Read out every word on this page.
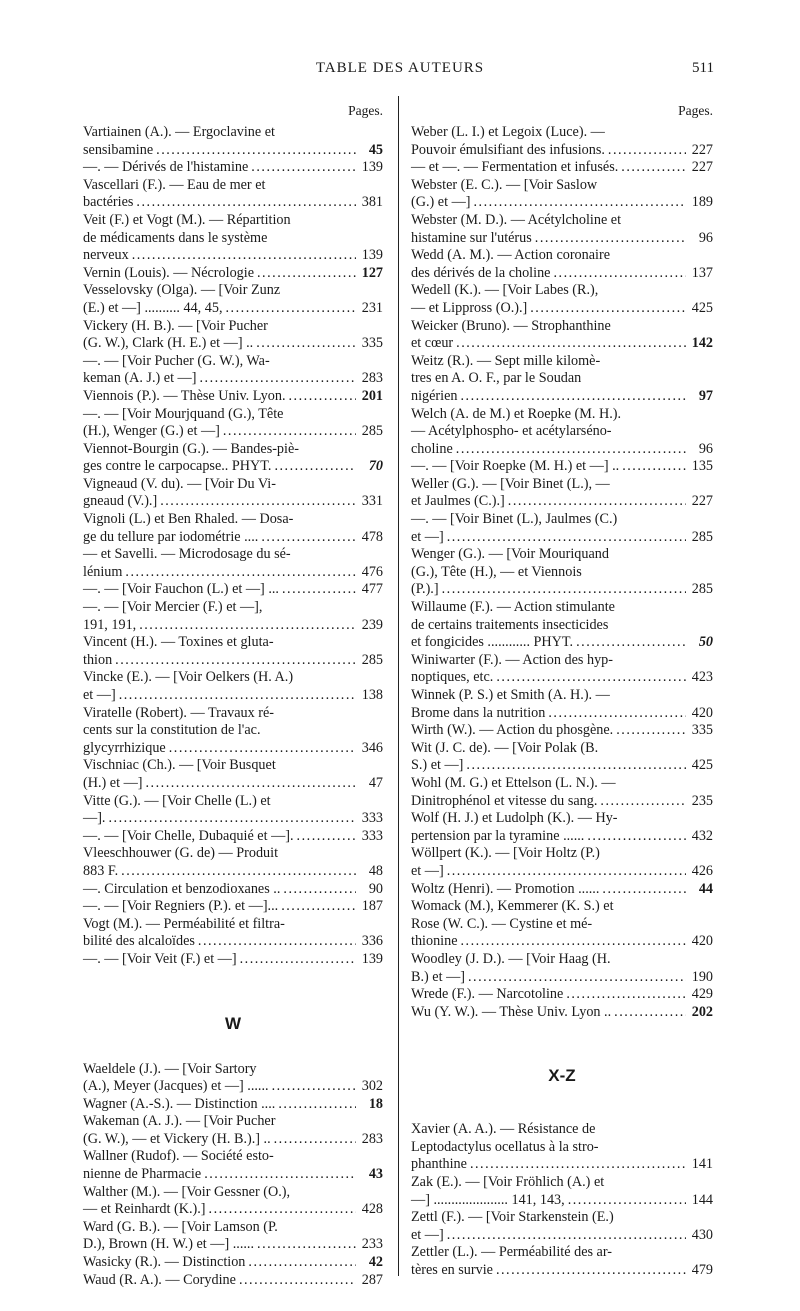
TABLE DES AUTEURS	511
Pages.
Vartiainen (A.). — Ergoclavine et
sensibamine .....	45
—. — Dérivés de l'histamine .....	139
Vascellari (F.). — Eau de mer et
bactéries .....	381
Veit (F.) et Vogt (M.). — Répartition
de médicaments dans le système
nerveux .....	139
Vernin (Louis). — Nécrologie .....	127
Vesselovsky (Olga). — [Voir Zunz
(E.) et —] .......... 44, 45, .....	231
Vickery (H. B.). — [Voir Pucher
(G. W.), Clark (H. E.) et —] .. .....	335
—. — [Voir Pucher (G. W.), Wa-
keman (A. J.) et —] .....	283
Viennois (P.). — Thèse Univ. Lyon. .....	201
—. — [Voir Mourjquand (G.), Tête
(H.), Wenger (G.) et —] .....	285
Viennot-Bourgin (G.). — Bandes-piè-
ges contre le carpocapse.. PHYT. .....	70
Vigneaud (V. du). — [Voir Du Vi-
gneaud (V.).] .....	331
Vignoli (L.) et Ben Rhaled. — Dosa-
ge du tellure par iodométrie .... .....	478
— et Savelli. — Microdosage du sé-
lénium .....	476
—. — [Voir Fauchon (L.) et —] ... .....	477
—. — [Voir Mercier (F.) et —],
191, 191, .....	239
Vincent (H.). — Toxines et gluta-
thion .....	285
Vincke (E.). — [Voir Oelkers (H. A.)
et —] .....	138
Viratelle (Robert). — Travaux ré-
cents sur la constitution de l'ac.
glycyrrhizique .....	346
Vischniac (Ch.). — [Voir Busquet
(H.) et —] .....	47
Vitte (G.). — [Voir Chelle (L.) et
—]. .....	333
—. — [Voir Chelle, Dubaquié et —]. .....	333
Vleeschhouwer (G. de) — Produit
883 F. .....	48
—. Circulation et benzodioxanes .. .....	90
—. — [Voir Regniers (P.). et —]... .....	187
Vogt (M.). — Perméabilité et filtra-
bilité des alcaloïdes .....	336
—. — [Voir Veit (F.) et —] .....	139
W
Waeldele (J.). — [Voir Sartory
(A.), Meyer (Jacques) et —] ...... .....	302
Wagner (A.-S.). — Distinction .... .....	18
Wakeman (A. J.). — [Voir Pucher
(G. W.), — et Vickery (H. B.).] .. .....	283
Wallner (Rudof). — Société esto-
nienne de Pharmacie .....	43
Walther (M.). — [Voir Gessner (O.),
— et Reinhardt (K.).] .....	428
Ward (G. B.). — [Voir Lamson (P.
D.), Brown (H. W.) et —] ...... .....	233
Wasicky (R.). — Distinction .....	42
Waud (R. A.). — Corydine .....	287
Pages.
Weber (L. I.) et Legoix (Luce). —
Pouvoir émulsifiant des infusions. .....	227
— et —. — Fermentation et infusés. .....	227
Webster (E. C.). — [Voir Saslow
(G.) et —] .....	189
Webster (M. D.). — Acétylcholine et
histamine sur l'utérus .....	96
Wedd (A. M.). — Action coronaire
des dérivés de la choline .....	137
Wedell (K.). — [Voir Labes (R.),
— et Lippross (O.).] .....	425
Weicker (Bruno). — Strophanthine
et cœur .....	142
Weitz (R.). — Sept mille kilomè-
tres en A. O. F., par le Soudan
nigérien .....	97
Welch (A. de M.) et Roepke (M. H.).
— Acétylphospho- et acétylarséno-
choline .....	96
—. — [Voir Roepke (M. H.) et —] .. .....	135
Weller (G.). — [Voir Binet (L.), —
et Jaulmes (C.).] .....	227
—. — [Voir Binet (L.), Jaulmes (C.)
et —] .....	285
Wenger (G.). — [Voir Mouriquand
(G.), Tête (H.), — et Viennois
(P.).] .....	285
Willaume (F.). — Action stimulante
de certains traitements insecticides
et fongicides ............ PHYT. .....	50
Winiwarter (F.). — Action des hyp-
noptiques, etc. .....	423
Winnek (P. S.) et Smith (A. H.). —
Brome dans la nutrition .....	420
Wirth (W.). — Action du phosgène. .....	335
Wit (J. C. de). — [Voir Polak (B.
S.) et —] .....	425
Wohl (M. G.) et Ettelson (L. N.). —
Dinitrophénol et vitesse du sang. .....	235
Wolf (H. J.) et Ludolph (K.). — Hy-
pertension par la tyramine ...... .....	432
Wöllpert (K.). — [Voir Holtz (P.)
et —] .....	426
Woltz (Henri). — Promotion ...... .....	44
Womack (M.), Kemmerer (K. S.) et
Rose (W. C.). — Cystine et mé-
thionine .....	420
Woodley (J. D.). — [Voir Haag (H.
B.) et —] .....	190
Wrede (F.). — Narcotoline .....	429
Wu (Y. W.). — Thèse Univ. Lyon .. .....	202
X-Z
Xavier (A. A.). — Résistance de
Leptodactylus ocellatus à la stro-
phanthine .....	141
Zak (E.). — [Voir Fröhlich (A.) et
—] ..................... 141, 143, .....	144
Zettl (F.). — [Voir Starkenstein (E.)
et —] .....	430
Zettler (L.). — Perméabilité des ar-
tères en survie .....	479
